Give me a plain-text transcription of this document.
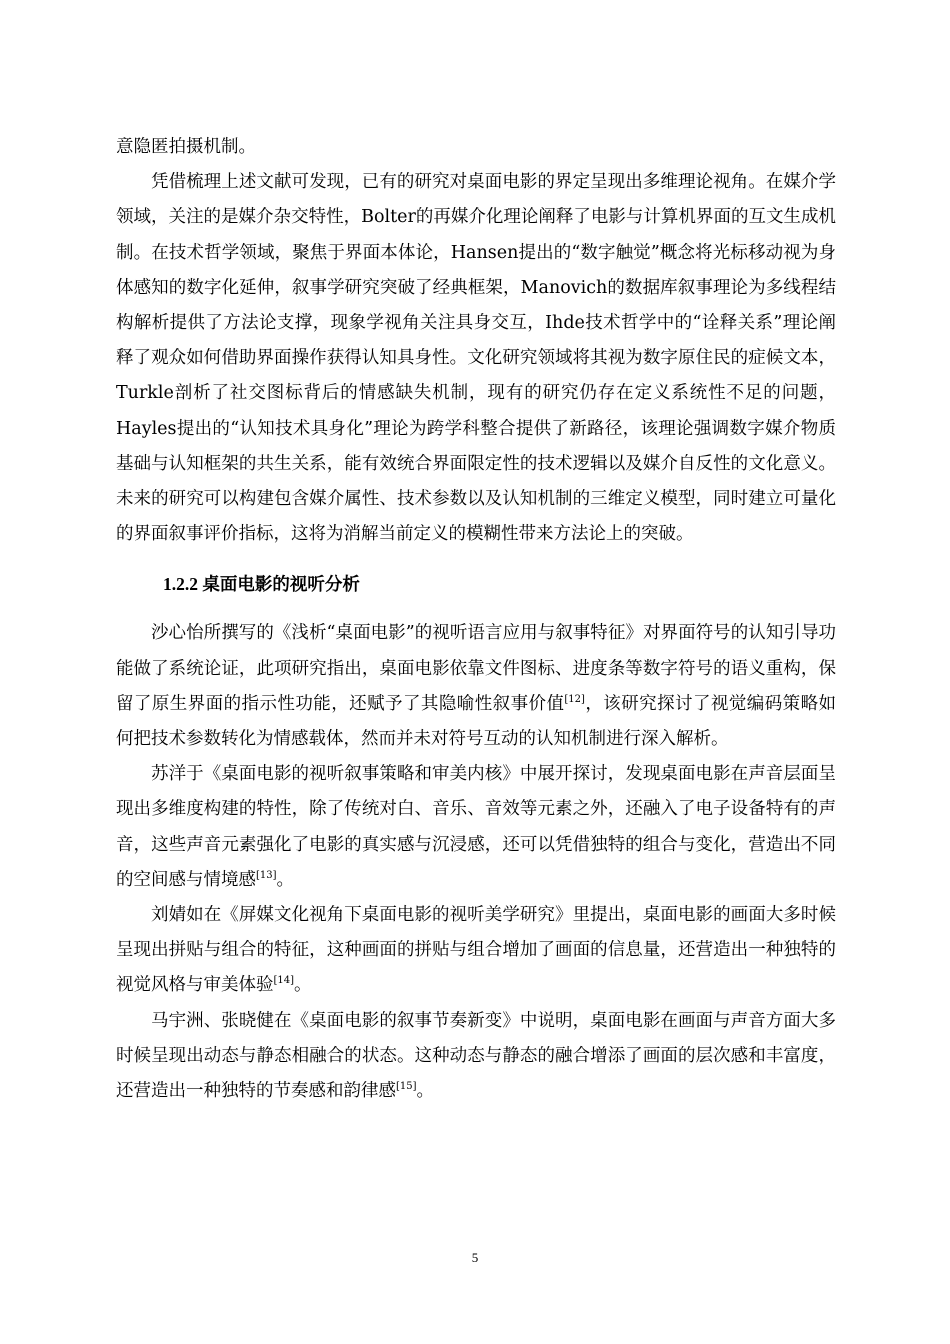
意隐匿拍摄机制。

凭借梳理上述文献可发现，已有的研究对桌面电影的界定呈现出多维理论视角。在媒介学领域，关注的是媒介杂交特性，Bolter的再媒介化理论阐释了电影与计算机界面的互文生成机制。在技术哲学领域，聚焦于界面本体论，Hansen提出的“数字触觉”概念将光标移动视为身体感知的数字化延伸，叙事学研究突破了经典框架，Manovich的数据库叙事理论为多线程结构解析提供了方法论支撑，现象学视角关注具身交互，Ihde技术哲学中的“诠释关系”理论阐释了观众如何借助界面操作获得认知具身性。文化研究领域将其视为数字原住民的症候文本，Turkle剖析了社交图标背后的情感缺失机制，现有的研究仍存在定义系统性不足的问题，Hayles提出的“认知技术具身化”理论为跨学科整合提供了新路径，该理论强调数字媒介物质基础与认知框架的共生关系，能有效统合界面限定性的技术逻辑以及媒介自反性的文化意义。未来的研究可以构建包含媒介属性、技术参数以及认知机制的三维定义模型，同时建立可量化的界面叙事评价指标，这将为消解当前定义的模糊性带来方法论上的突破。

1.2.2 桌面电影的视听分析

沙心怡所撰写的《浅析“桌面电影”的视听语言应用与叙事特征》对界面符号的认知引导功能做了系统论证，此项研究指出，桌面电影依靠文件图标、进度条等数字符号的语义重构，保留了原生界面的指示性功能，还赋予了其隐喻性叙事价值[12]，该研究探讨了视觉编码策略如何把技术参数转化为情感载体，然而并未对符号互动的认知机制进行深入解析。

苏洋于《桌面电影的视听叙事策略和审美内核》中展开探讨，发现桌面电影在声音层面呈现出多维度构建的特性，除了传统对白、音乐、音效等元素之外，还融入了电子设备特有的声音，这些声音元素强化了电影的真实感与沉浸感，还可以凭借独特的组合与变化，营造出不同的空间感与情境感[13]。

刘婧如在《屏媒文化视角下桌面电影的视听美学研究》里提出，桌面电影的画面大多时候呈现出拼贴与组合的特征，这种画面的拼贴与组合增加了画面的信息量，还营造出一种独特的视觉风格与审美体验[14]。

马宇洲、张晓健在《桌面电影的叙事节奏新变》中说明，桌面电影在画面与声音方面大多时候呈现出动态与静态相融合的状态。这种动态与静态的融合增添了画面的层次感和丰富度，还营造出一种独特的节奏感和韵律感[15]。

5
